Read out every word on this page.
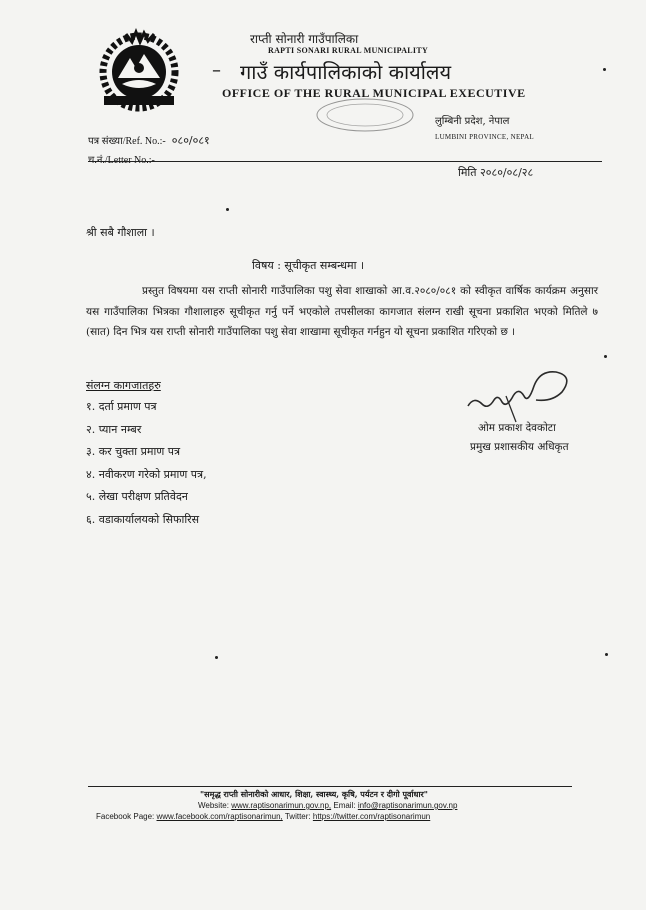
राप्ती सोनारी गाउँपालिका
RAPTI SONARI RURAL MUNICIPALITY
– गाउँ कार्यपालिकाको कार्यालय
OFFICE OF THE RURAL MUNICIPAL EXECUTIVE
लुम्बिनी प्रदेश, नेपाल
LUMBINI PROVINCE, NEPAL
पत्र संख्या/Ref. No.:- ०८०/०८१
च.नं./Letter No.:-
मिति २०८०/०८/२८
श्री सबै गौशाला ।
विषय : सूचीकृत सम्बन्धमा ।
प्रस्तुत विषयमा यस राप्ती सोनारी गाउँपालिका पशु सेवा शाखाको आ.व.२०८०/०८१ को स्वीकृत वार्षिक कार्यक्रम अनुसार यस गाउँपालिका भित्रका गौशालाहरु सूचीकृत गर्नु पर्ने भएकोले तपसीलका कागजात संलग्न राखी सूचना प्रकाशित भएको मितिले ७ (सात) दिन भित्र यस राप्ती सोनारी गाउँपालिका पशु सेवा शाखामा सूचीकृत गर्नहुन यो सूचना प्रकाशित गरिएको छ ।
संलग्न कागजातहरु
१. दर्ता प्रमाण पत्र
२. प्यान नम्बर
३. कर चुक्ता प्रमाण पत्र
४. नवीकरण गरेको प्रमाण पत्र,
५. लेखा परीक्षण प्रतिवेदन
६. वडाकार्यालयको सिफारिस
ओम प्रकाश देवकोटा
प्रमुख प्रशासकीय अधिकृत
"समृद्ध राप्ती सोनारीको आधार, शिक्षा, स्वास्थ्य, कृषि, पर्यटन र दीगो पूर्वाधार"
Website: www.raptisonarimun.gov.np, Email: info@raptisonarimun.gov.np
Facebook Page: www.facebook.com/raptisonarimun, Twitter: https://twitter.com/raptisonarimun
